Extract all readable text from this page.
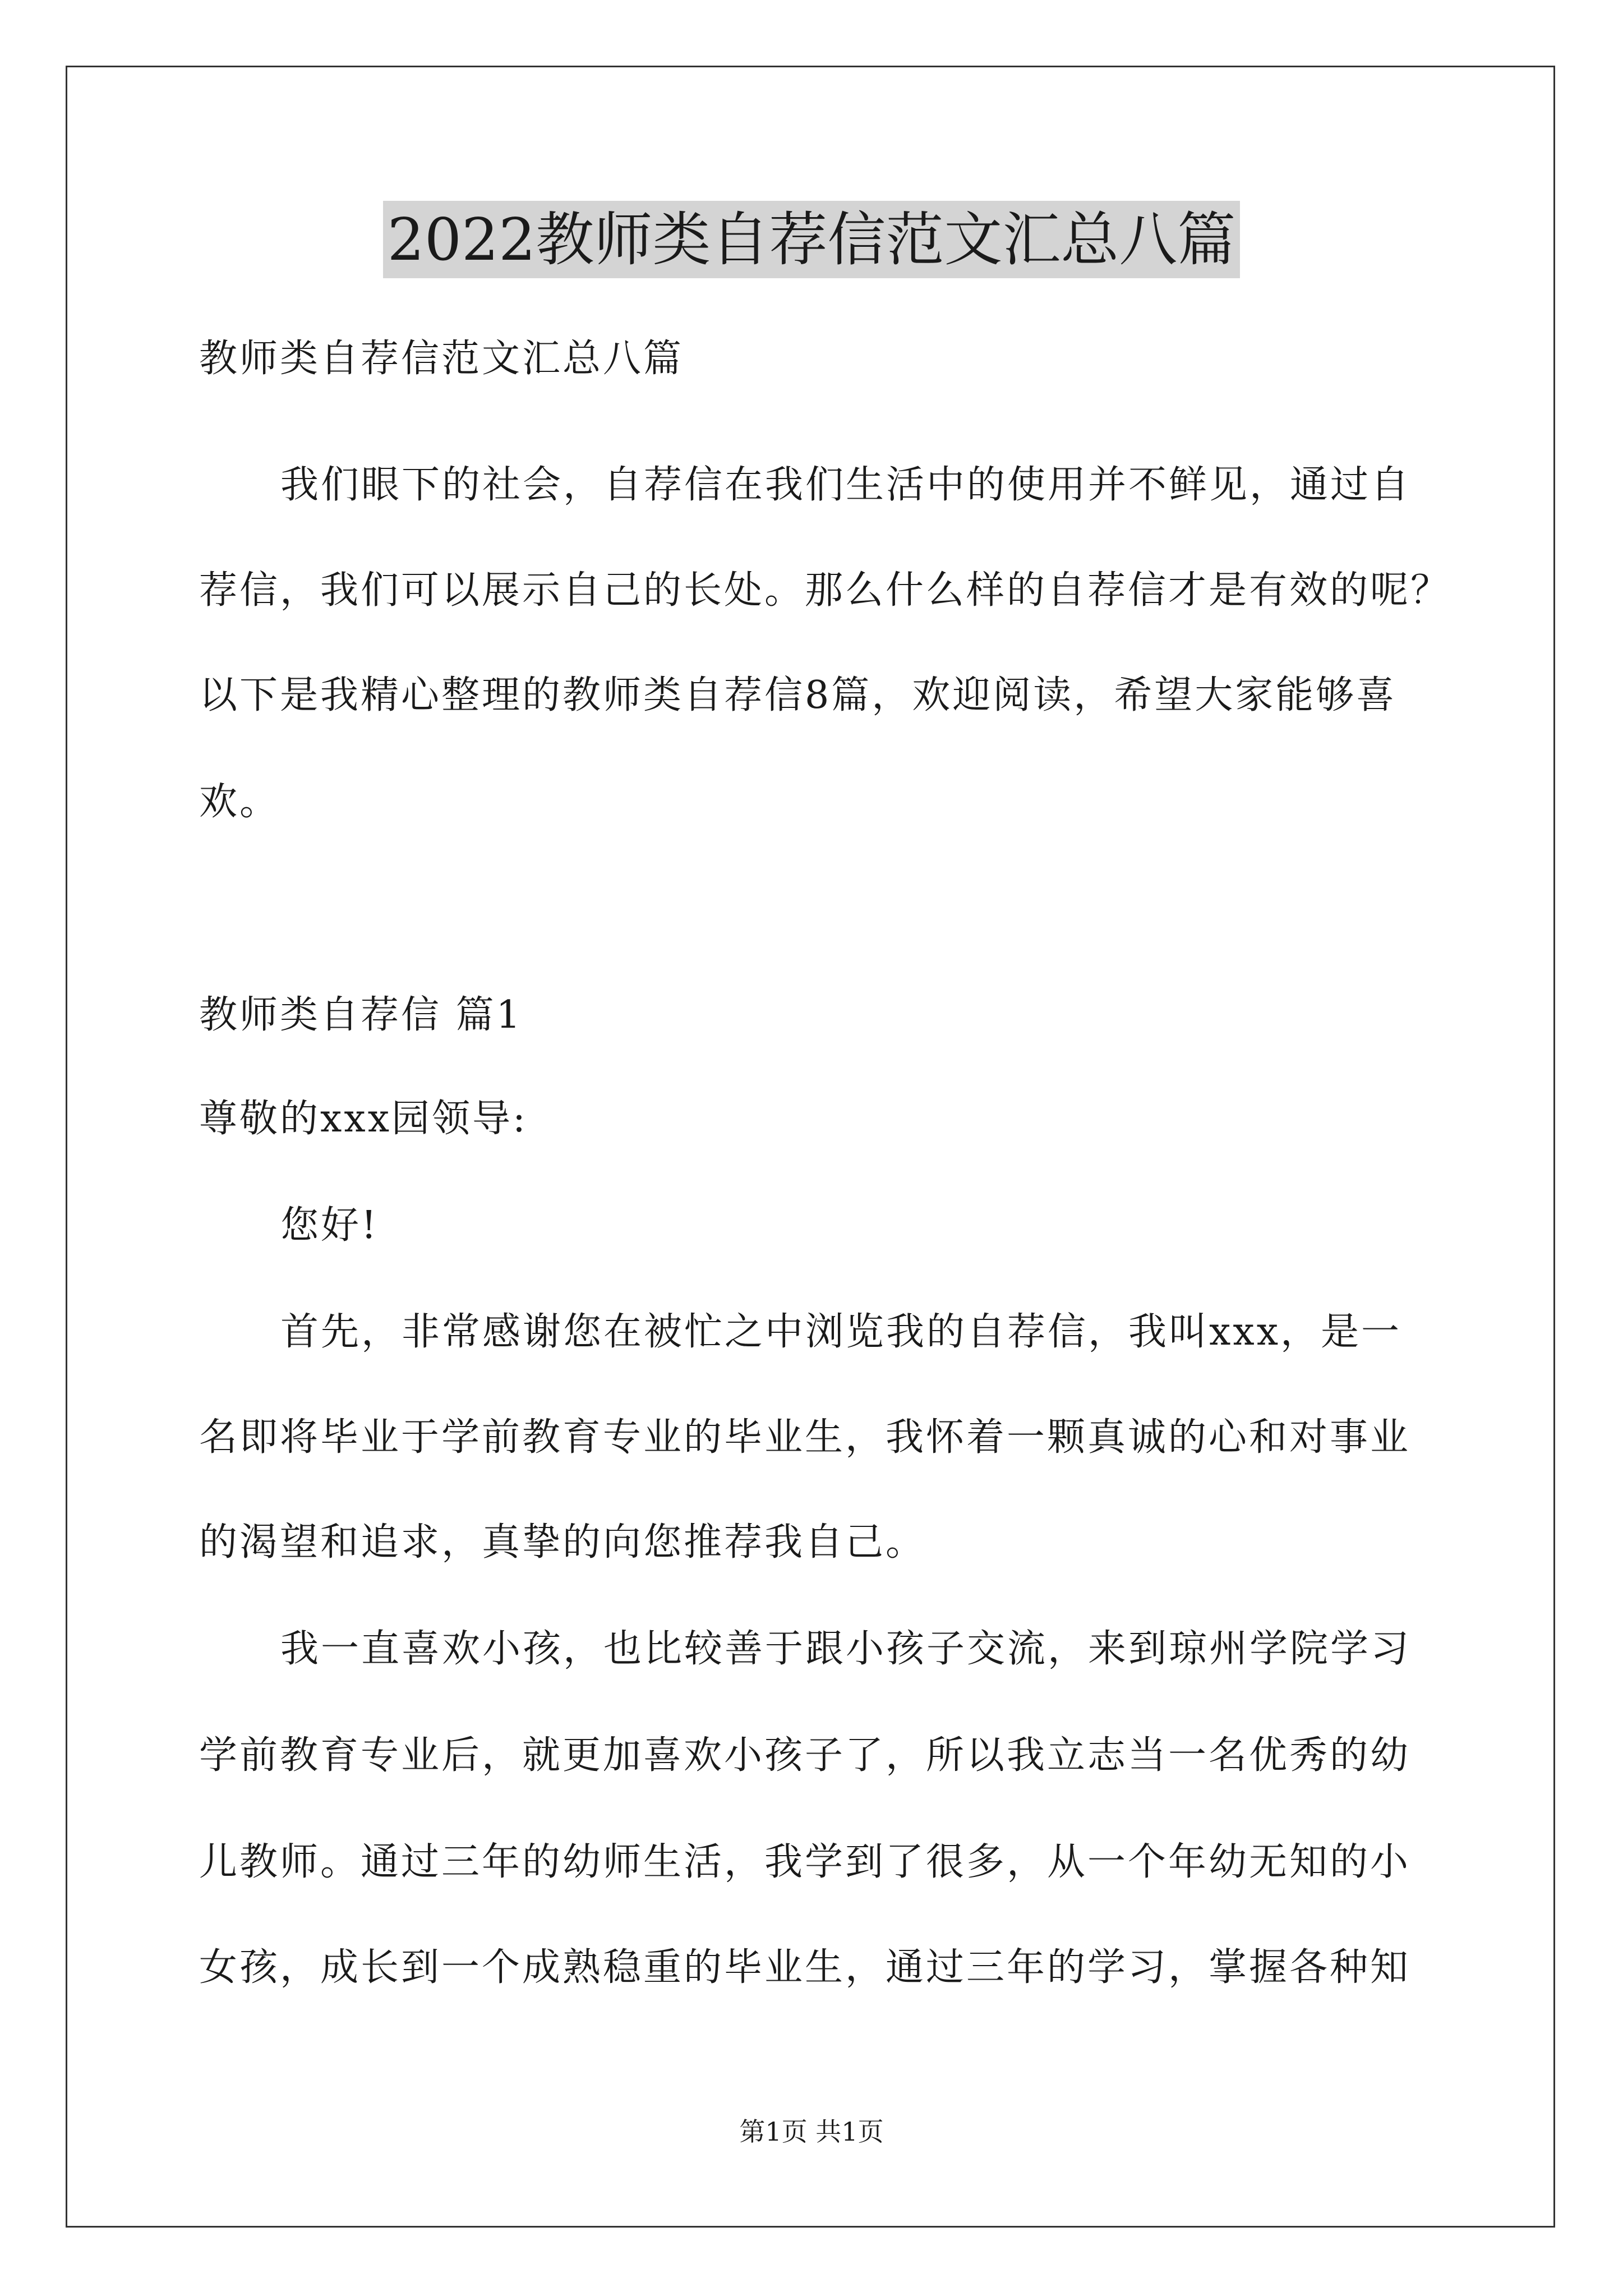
2022教师类自荐信范文汇总八篇
教师类自荐信范文汇总八篇
我们眼下的社会，自荐信在我们生活中的使用并不鲜见，通过自
荐信，我们可以展示自己的长处。那么什么样的自荐信才是有效的呢？
以下是我精心整理的教师类自荐信8篇，欢迎阅读，希望大家能够喜
欢。
教师类自荐信 篇1
尊敬的xxx园领导:
您好!
首先，非常感谢您在被忙之中浏览我的自荐信，我叫xxx，是一
名即将毕业于学前教育专业的毕业生，我怀着一颗真诚的心和对事业
的渴望和追求，真挚的向您推荐我自己。
我一直喜欢小孩，也比较善于跟小孩子交流，来到琼州学院学习
学前教育专业后，就更加喜欢小孩子了，所以我立志当一名优秀的幼
儿教师。通过三年的幼师生活，我学到了很多，从一个年幼无知的小
女孩，成长到一个成熟稳重的毕业生，通过三年的学习，掌握各种知
第1页 共1页
